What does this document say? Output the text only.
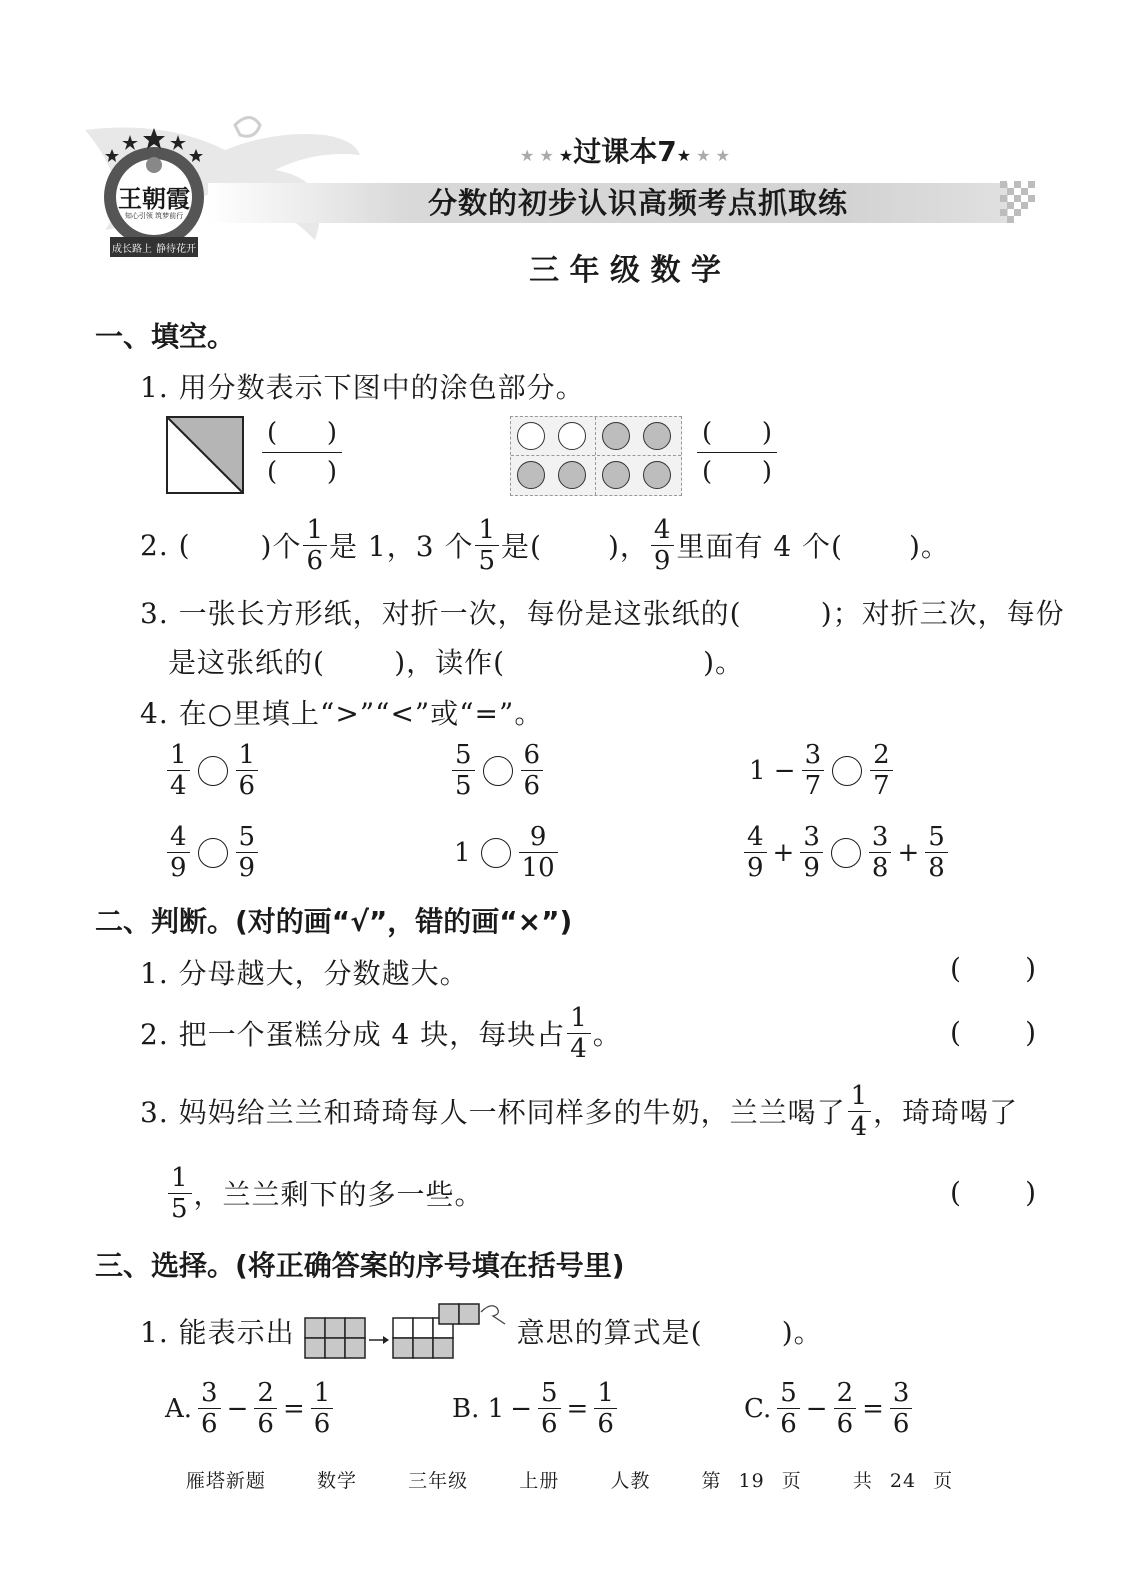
王朝霞
知心引领 筑梦前行
成长路上 静待花开
★ ★ ★过课本7★ ★ ★
分数的初步认识高频考点抓取练
三 年 级 数 学
一、填空。
1. 用分数表示下图中的涂色部分。
( )
( )
( )
( )
2. (	)个 $\frac{1}{6}$ 是 1，3 个 $\frac{1}{5}$ 是( )， $\frac{4}{9}$ 里面有 4 个( )。
3. 一张长方形纸，对折一次，每份是这张纸的(        )；对折三次，每份
是这张纸的(       )，读作(                    )。
4. 在○里填上“>”“<”或“=”。
$\frac{1}{4} \frac{1}{6}$	$\frac{5}{5} \frac{6}{6}$	$1 - \frac{3}{7} \frac{2}{7}$
$\frac{4}{9} \frac{5}{9}$	$1 \frac{9}{10}$	$\frac{4}{9} + \frac{3}{9} \frac{3}{8} + \frac{5}{8}$
二、判断。(对的画“√”，错的画“×”)
1. 分母越大，分数越大。	( )
2. 把一个蛋糕分成 4 块，每块占 $\frac{1}{4}$ 。	( )
3. 妈妈给兰兰和琦琦每人一杯同样多的牛奶，兰兰喝了 $\frac{1}{4}$ ，琦琦喝了
$\frac{1}{5}$ ，兰兰剩下的多一些。	( )
三、选择。(将正确答案的序号填在括号里)
1. 能表示出	意思的算式是(        )。
A. $\frac{3}{6} - \frac{2}{6} = \frac{1}{6}$	B. $1 - \frac{5}{6} = \frac{1}{6}$	C. $\frac{5}{6} - \frac{2}{6} = \frac{3}{6}$
雁塔新题   数学   三年级   上册   人教   第 19 页   共 24 页
